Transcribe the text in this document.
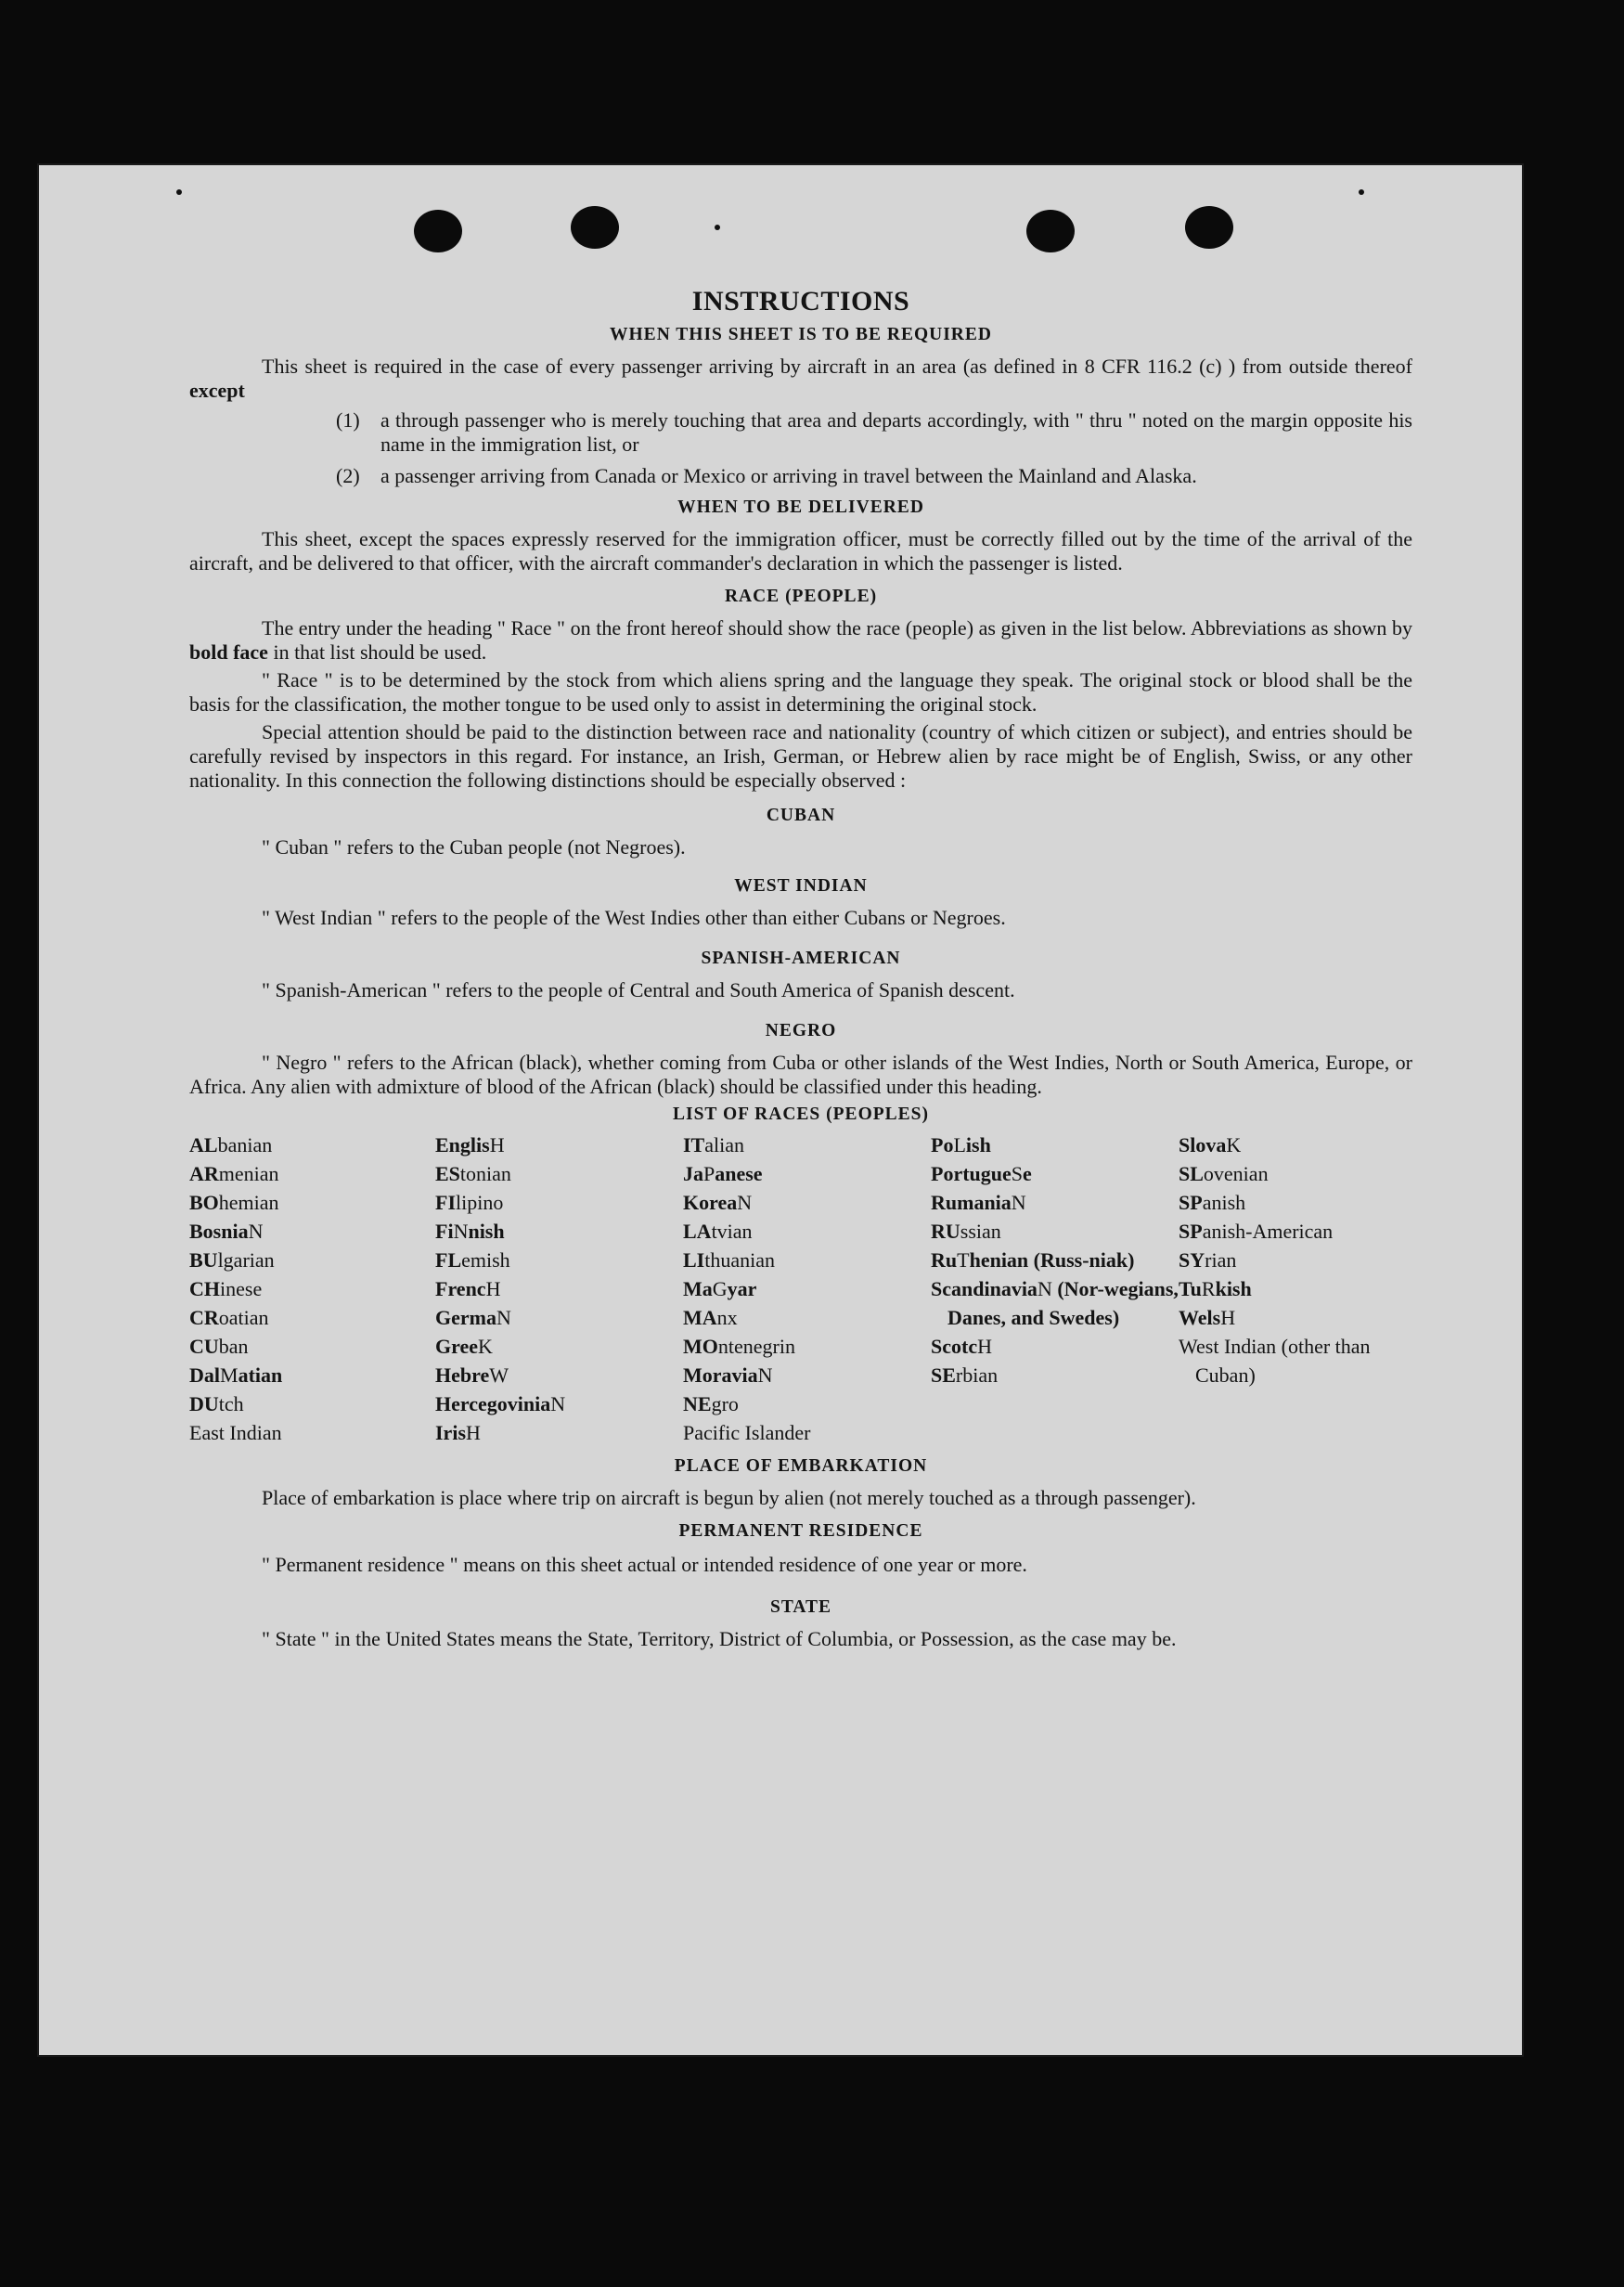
INSTRUCTIONS

WHEN THIS SHEET IS TO BE REQUIRED

This sheet is required in the case of every passenger arriving by aircraft in an area (as defined in 8 CFR 116.2 (c) ) from outside thereof except

(1)	a through passenger who is merely touching that area and departs accordingly, with " thru " noted on the margin opposite his name in the immigration list, or
(2)	a passenger arriving from Canada or Mexico or arriving in travel between the Mainland and Alaska.

WHEN TO BE DELIVERED

This sheet, except the spaces expressly reserved for the immigration officer, must be correctly filled out by the time of the arrival of the aircraft, and be delivered to that officer, with the aircraft commander's declaration in which the passenger is listed.

RACE (PEOPLE)

The entry under the heading " Race " on the front hereof should show the race (people) as given in the list below. Abbreviations as shown by bold face in that list should be used.

" Race " is to be determined by the stock from which aliens spring and the language they speak. The original stock or blood shall be the basis for the classification, the mother tongue to be used only to assist in determining the original stock.

Special attention should be paid to the distinction between race and nationality (country of which citizen or subject), and entries should be carefully revised by inspectors in this regard. For instance, an Irish, German, or Hebrew alien by race might be of English, Swiss, or any other nationality. In this connection the following distinctions should be especially observed :

CUBAN

" Cuban " refers to the Cuban people (not Negroes).

WEST INDIAN

" West Indian " refers to the people of the West Indies other than either Cubans or Negroes.

SPANISH-AMERICAN

" Spanish-American " refers to the people of Central and South America of Spanish descent.

NEGRO

" Negro " refers to the African (black), whether coming from Cuba or other islands of the West Indies, North or South America, Europe, or Africa. Any alien with admixture of blood of the African (black) should be classified under this heading.

LIST OF RACES (PEOPLES)

ALbanian
ARmenian
BOhemian
BosniaN
BUlgarian
CHinese
CRoatian
CUban
DalMatian
DUtch
East Indian
EnglisH
EStonian
FIlipino
FiNnish
FLemish
FrencH
GermaN
GreeK
HebreW
HercegoviniaN
IrisH
ITalian
JaPanese
KoreaN
LAtvian
LIthuanian
MaGyar
MAnx
MOntenegrin
MoraviaN
NEgro
Pacific Islander
PoLish
PortugueSe
RumaniaN
RUssian
RuThenian (Russ-niak)
ScandinaviaN (Nor-wegians, Danes, and Swedes)
ScotcH
SErbian
SlovaK
SLovenian
SPanish
SPanish-American
SYrian
TuRkish
WelsH
West Indian (other than Cuban)

PLACE OF EMBARKATION

Place of embarkation is place where trip on aircraft is begun by alien (not merely touched as a through passenger).

PERMANENT RESIDENCE

" Permanent residence " means on this sheet actual or intended residence of one year or more.

STATE

" State " in the United States means the State, Territory, District of Columbia, or Possession, as the case may be.
